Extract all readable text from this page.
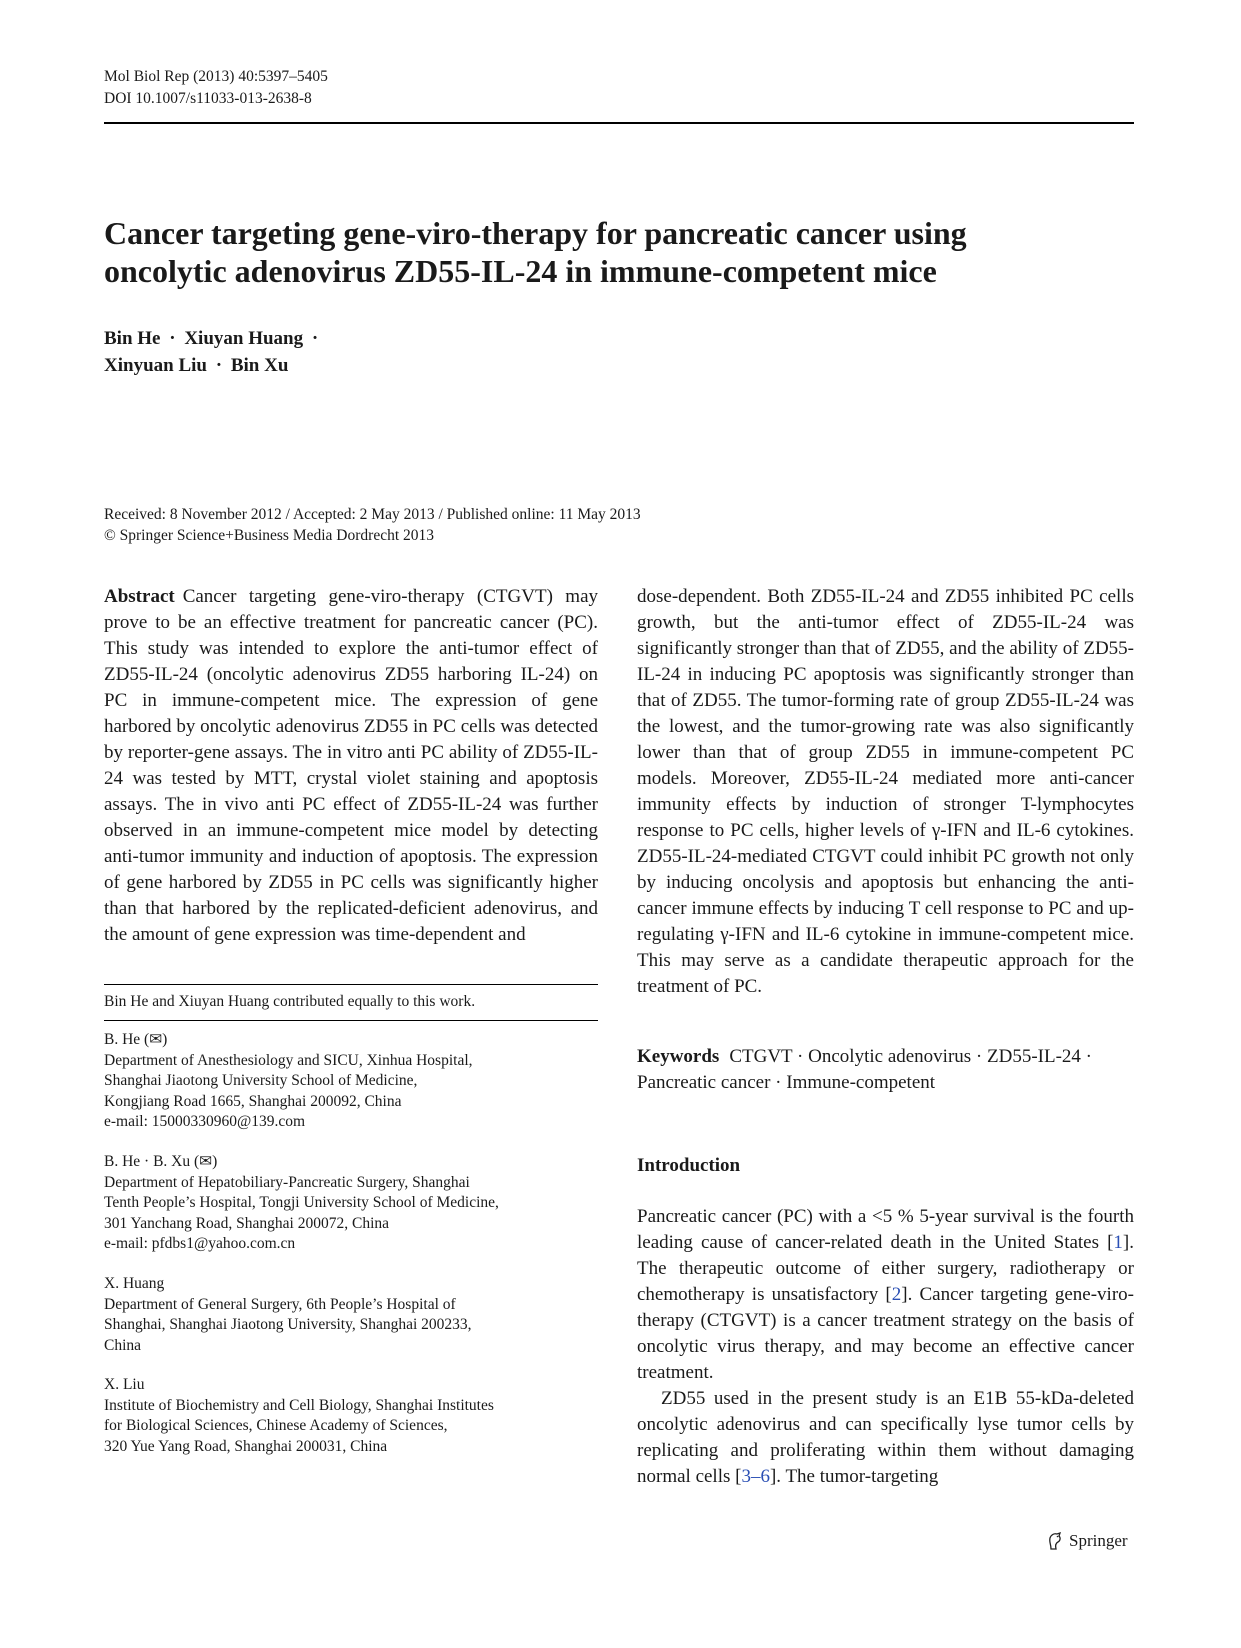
Mol Biol Rep (2013) 40:5397–5405
DOI 10.1007/s11033-013-2638-8
Cancer targeting gene-viro-therapy for pancreatic cancer using
oncolytic adenovirus ZD55-IL-24 in immune-competent mice
Bin He · Xiuyan Huang ·
Xinyuan Liu · Bin Xu
Received: 8 November 2012 / Accepted: 2 May 2013 / Published online: 11 May 2013
© Springer Science+Business Media Dordrecht 2013

Abstract Cancer targeting gene-viro-therapy (CTGVT) may prove to be an effective treatment for pancreatic cancer (PC). This study was intended to explore the anti-tumor effect of ZD55-IL-24 (oncolytic adenovirus ZD55 harboring IL-24) on PC in immune-competent mice. The expression of gene harbored by oncolytic adenovirus ZD55 in PC cells was detected by reporter-gene assays. The in vitro anti PC ability of ZD55-IL-24 was tested by MTT, crystal violet staining and apoptosis assays. The in vivo anti PC effect of ZD55-IL-24 was further observed in an immune-competent mice model by detecting anti-tumor immunity and induction of apoptosis. The expression of gene harbored by ZD55 in PC cells was significantly higher than that harbored by the replicated-deficient adenovirus, and the amount of gene expression was time-dependent and

dose-dependent. Both ZD55-IL-24 and ZD55 inhibited PC cells growth, but the anti-tumor effect of ZD55-IL-24 was significantly stronger than that of ZD55, and the ability of ZD55-IL-24 in inducing PC apoptosis was significantly stronger than that of ZD55. The tumor-forming rate of group ZD55-IL-24 was the lowest, and the tumor-growing rate was also significantly lower than that of group ZD55 in immune-competent PC models. Moreover, ZD55-IL-24 mediated more anti-cancer immunity effects by induction of stronger T-lymphocytes response to PC cells, higher levels of γ-IFN and IL-6 cytokines. ZD55-IL-24-mediated CTGVT could inhibit PC growth not only by inducing oncolysis and apoptosis but enhancing the anti-cancer immune effects by inducing T cell response to PC and up-regulating γ-IFN and IL-6 cytokine in immune-competent mice. This may serve as a candidate therapeutic approach for the treatment of PC.

Bin He and Xiuyan Huang contributed equally to this work.

B. He (✉)

Department of Anesthesiology and SICU, Xinhua Hospital,
Shanghai Jiaotong University School of Medicine,
Kongjiang Road 1665, Shanghai 200092, China
e-mail: 15000330960@139.com

B. He · B. Xu (✉)

Department of Hepatobiliary-Pancreatic Surgery, Shanghai
Tenth People’s Hospital, Tongji University School of Medicine,
301 Yanchang Road, Shanghai 200072, China
e-mail: pfdbs1@yahoo.com.cn

X. Huang

Department of General Surgery, 6th People’s Hospital of
Shanghai, Shanghai Jiaotong University, Shanghai 200233,
China

X. Liu

Institute of Biochemistry and Cell Biology, Shanghai Institutes
for Biological Sciences, Chinese Academy of Sciences,
320 Yue Yang Road, Shanghai 200031, China
Keywords CTGVT · Oncolytic adenovirus · ZD55-IL-24 · Pancreatic cancer · Immune-competent
Introduction

Pancreatic cancer (PC) with a <5 % 5-year survival is the fourth leading cause of cancer-related death in the United States [1]. The therapeutic outcome of either surgery, radiotherapy or chemotherapy is unsatisfactory [2]. Cancer targeting gene-viro-therapy (CTGVT) is a cancer treatment strategy on the basis of oncolytic virus therapy, and may become an effective cancer treatment.

ZD55 used in the present study is an E1B 55-kDa-deleted oncolytic adenovirus and can specifically lyse tumor cells by replicating and proliferating within them without damaging normal cells [3–6]. The tumor-targeting

Springer
